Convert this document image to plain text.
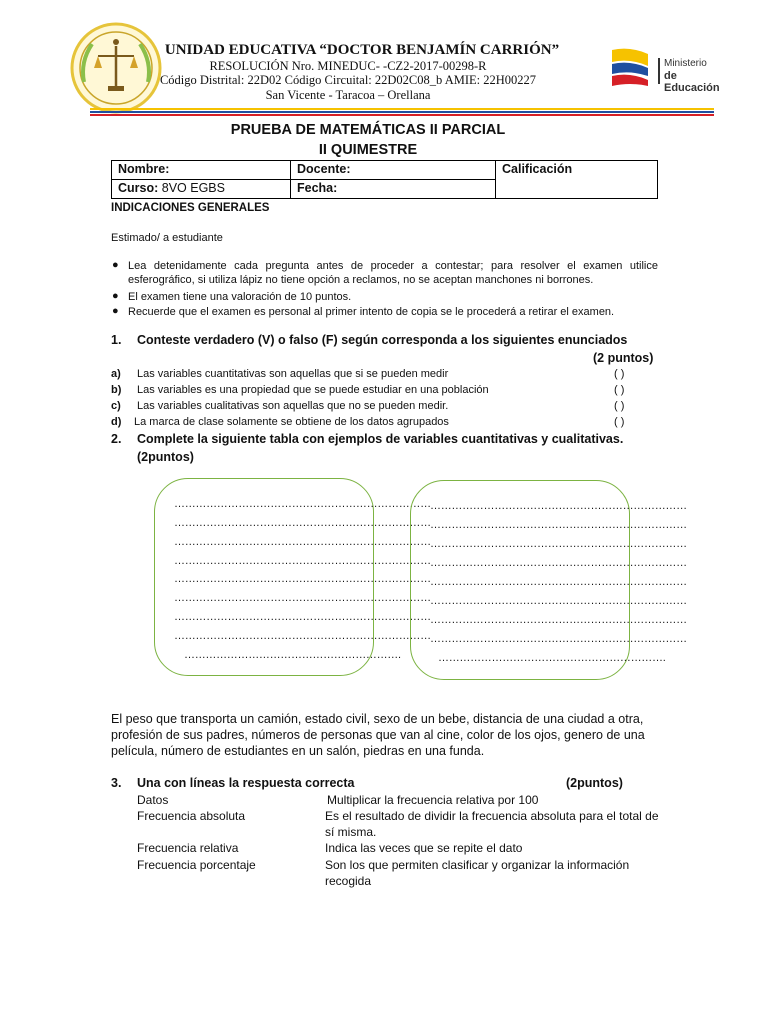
UNIDAD EDUCATIVA “DOCTOR BENJAMÍN CARRIÓN”
RESOLUCIÓN Nro. MINEDUC- -CZ2-2017-00298-R
Código Distrital: 22D02 Código Circuital: 22D02C08_b AMIE: 22H00227
San Vicente - Taracoa – Orellana
Ministerio
de Educación
PRUEBA DE MATEMÁTICAS II PARCIAL
II QUIMESTRE
Nombre:	Docente:	Calificación
Curso: 8VO EGBS	Fecha:	
INDICACIONES GENERALES
Estimado/ a estudiante
● Lea detenidamente cada pregunta antes de proceder a contestar; para resolver el examen utilice esferográfico, si utiliza lápiz no tiene opción a reclamos, no se aceptan manchones ni borrones.
● El examen tiene una valoración de 10 puntos.
● Recuerde que el examen es personal al primer intento de copia se le procederá a retirar el examen.
1. Conteste verdadero (V) o falso (F) según corresponda a los siguientes enunciados
(2 puntos)
a) Las variables cuantitativas son aquellas que si se pueden medir	( )
b) Las variables es una propiedad que se puede estudiar en una población	( )
c) Las variables cualitativas son aquellas que no se pueden medir.	( )
d) La marca de clase solamente se obtiene de los datos agrupados	( )
2. Complete la siguiente tabla con ejemplos de variables cuantitativas y cualitativas.
(2puntos)
………………………………………………………………
………………………………………………………………
………………………………………………………………
………………………………………………………………
………………………………………………………………
………………………………………………………………
………………………………………………………………
………………………………………………………………
…………………………………………………….
………………………………………………………………
………………………………………………………………
………………………………………………………………
………………………………………………………………
………………………………………………………………
………………………………………………………………
………………………………………………………………
………………………………………………………………
……………………………………………………….
El peso que transporta un camión, estado civil, sexo de un bebe, distancia de una ciudad a otra, profesión de sus padres, números de personas que van al cine, color de los ojos, genero de una película, número de estudiantes en un salón, piedras en una funda.
3. Una con líneas la respuesta correcta	(2puntos)
Datos	Multiplicar la frecuencia relativa por 100
Frecuencia absoluta	Es el resultado de dividir la frecuencia absoluta para el total de sí misma.
Frecuencia relativa	Indica las veces que se repite el dato
Frecuencia porcentaje	Son los que permiten clasificar y organizar la información recogida
